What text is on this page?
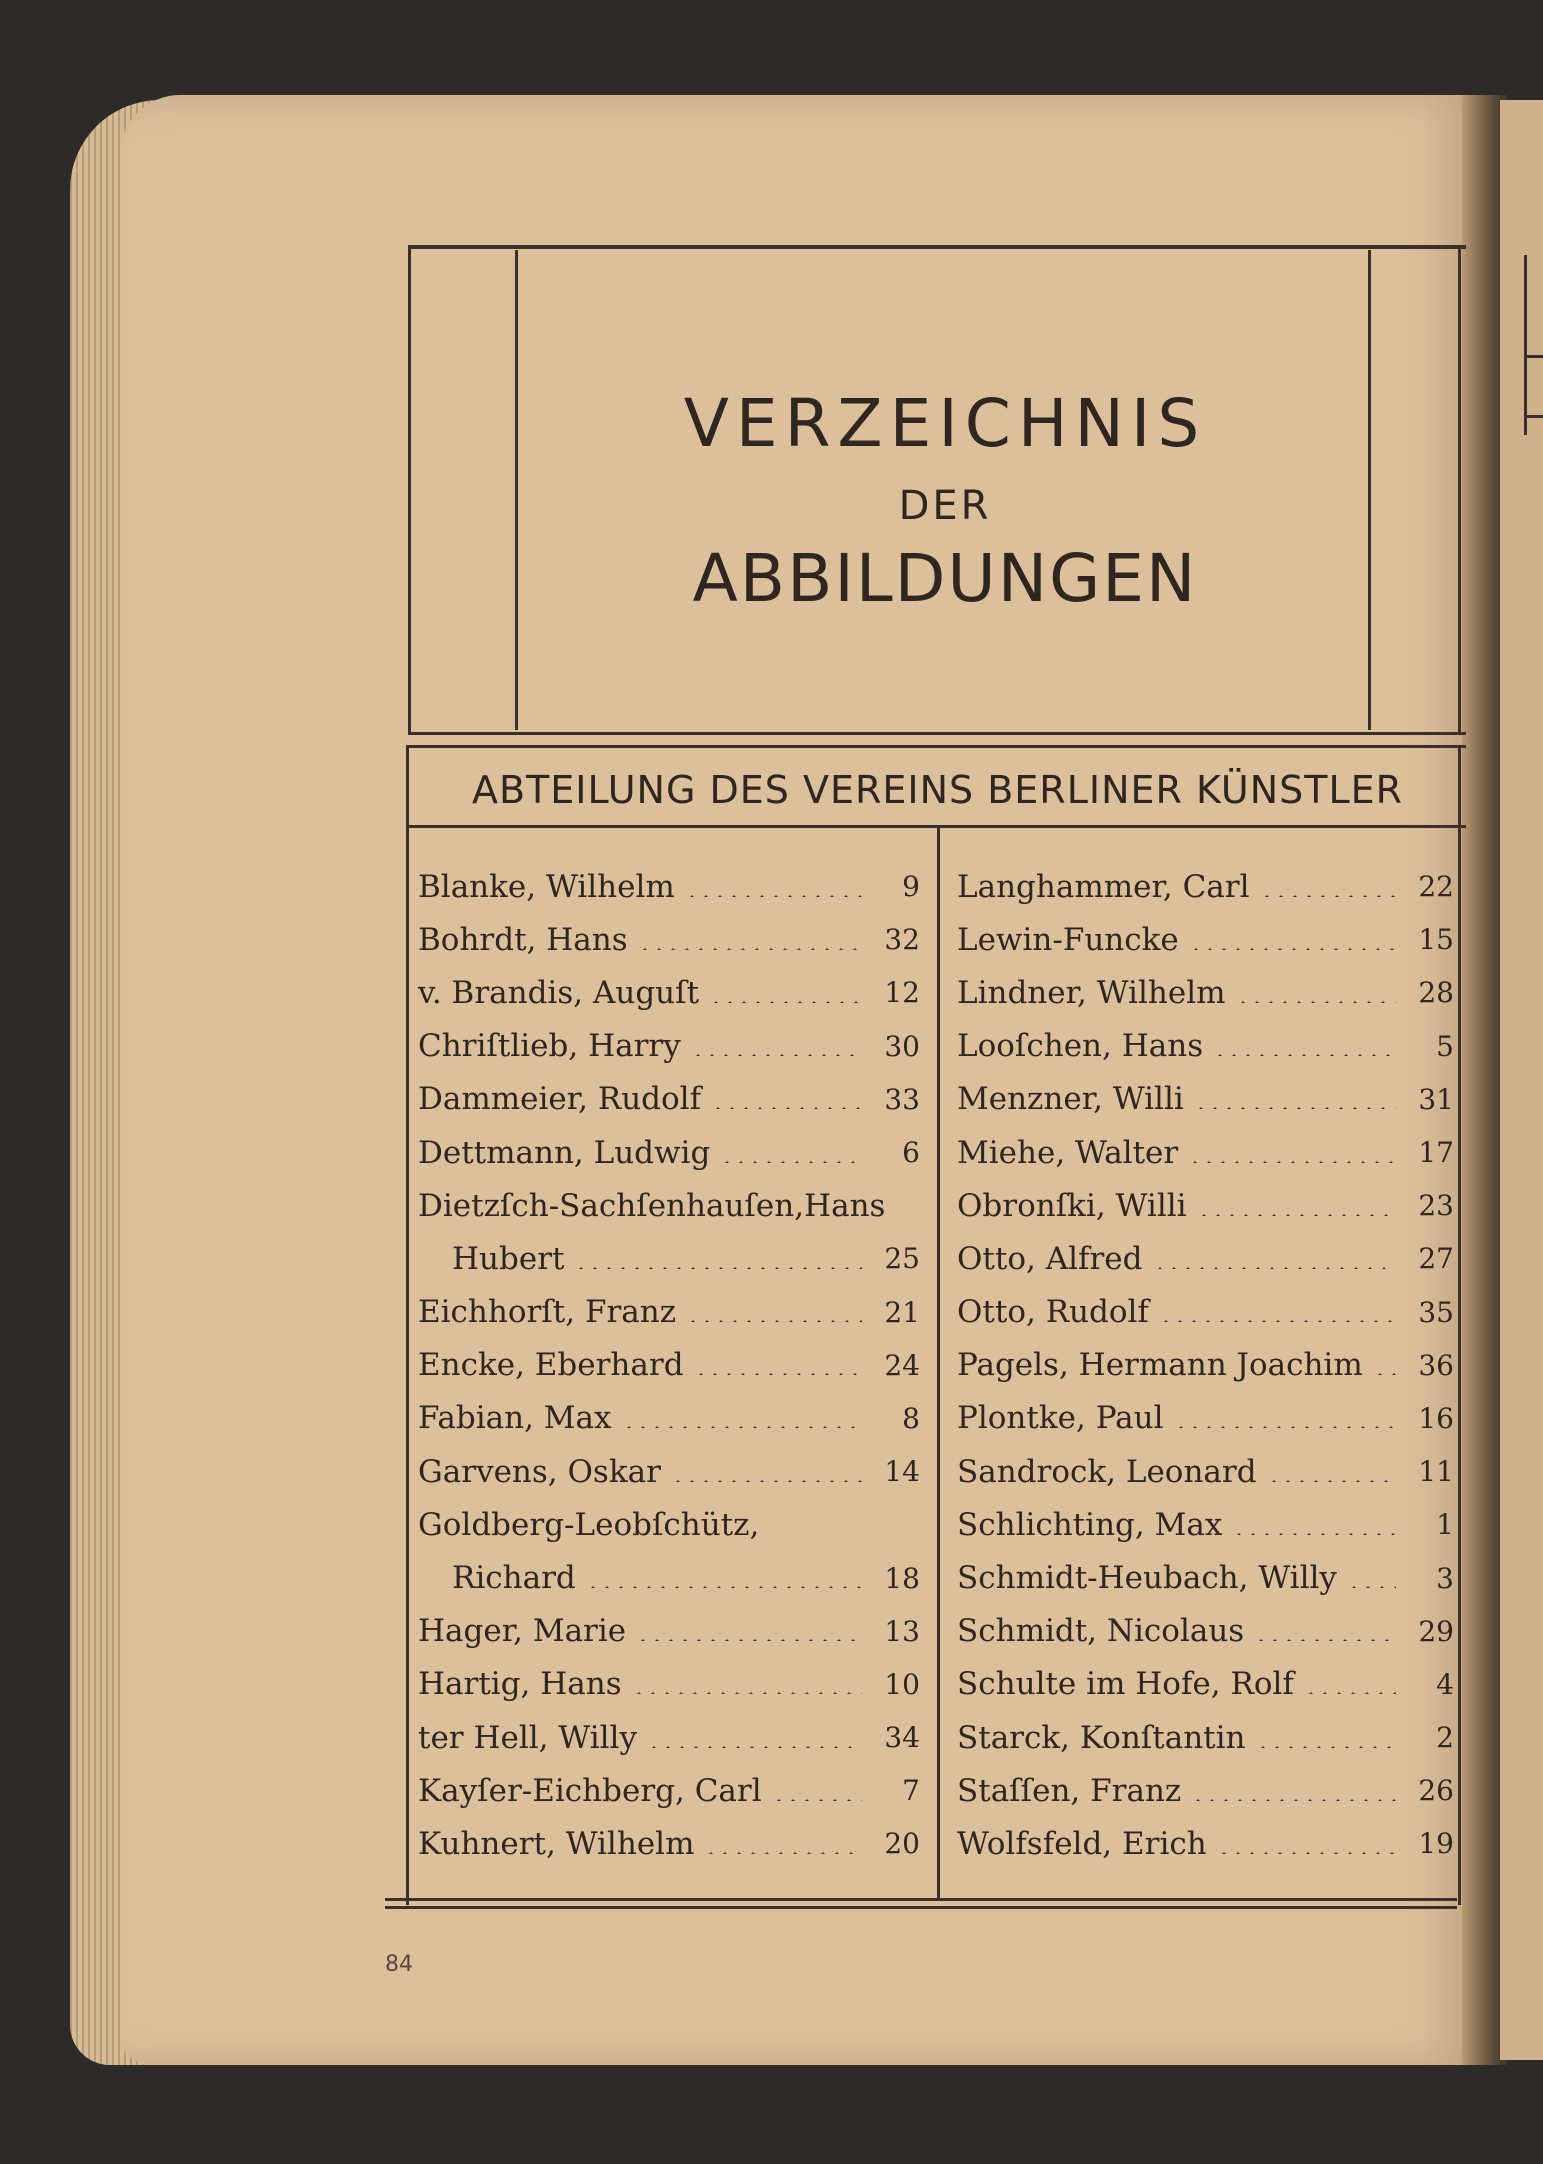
VERZEICHNIS
DER
ABBILDUNGEN
ABTEILUNG DES VEREINS BERLINER KÜNSTLER
Blanke, Wilhelm	9
Bohrdt, Hans	32
v. Brandis, Auguſt	12
Chriſtlieb, Harry	30
Dammeier, Rudolf	33
Dettmann, Ludwig	6
Dietzſch-Sachſenhauſen,Hans
Hubert	25
Eichhorſt, Franz	21
Encke, Eberhard	24
Fabian, Max	8
Garvens, Oskar	14
Goldberg-Leobſchütz,
Richard	18
Hager, Marie	13
Hartig, Hans	10
ter Hell, Willy	34
Kayſer-Eichberg, Carl	7
Kuhnert, Wilhelm	20
Langhammer, Carl	22
Lewin-Funcke	15
Lindner, Wilhelm	28
Looſchen, Hans	5
Menzner, Willi	31
Miehe, Walter	17
Obronſki, Willi	23
Otto, Alfred	27
Otto, Rudolf	35
Pagels, Hermann Joachim	36
Plontke, Paul	16
Sandrock, Leonard	11
Schlichting, Max	1
Schmidt-Heubach, Willy	3
Schmidt, Nicolaus	29
Schulte im Hofe, Rolf	4
Starck, Konſtantin	2
Staſſen, Franz	26
Wolfsfeld, Erich	19
84
